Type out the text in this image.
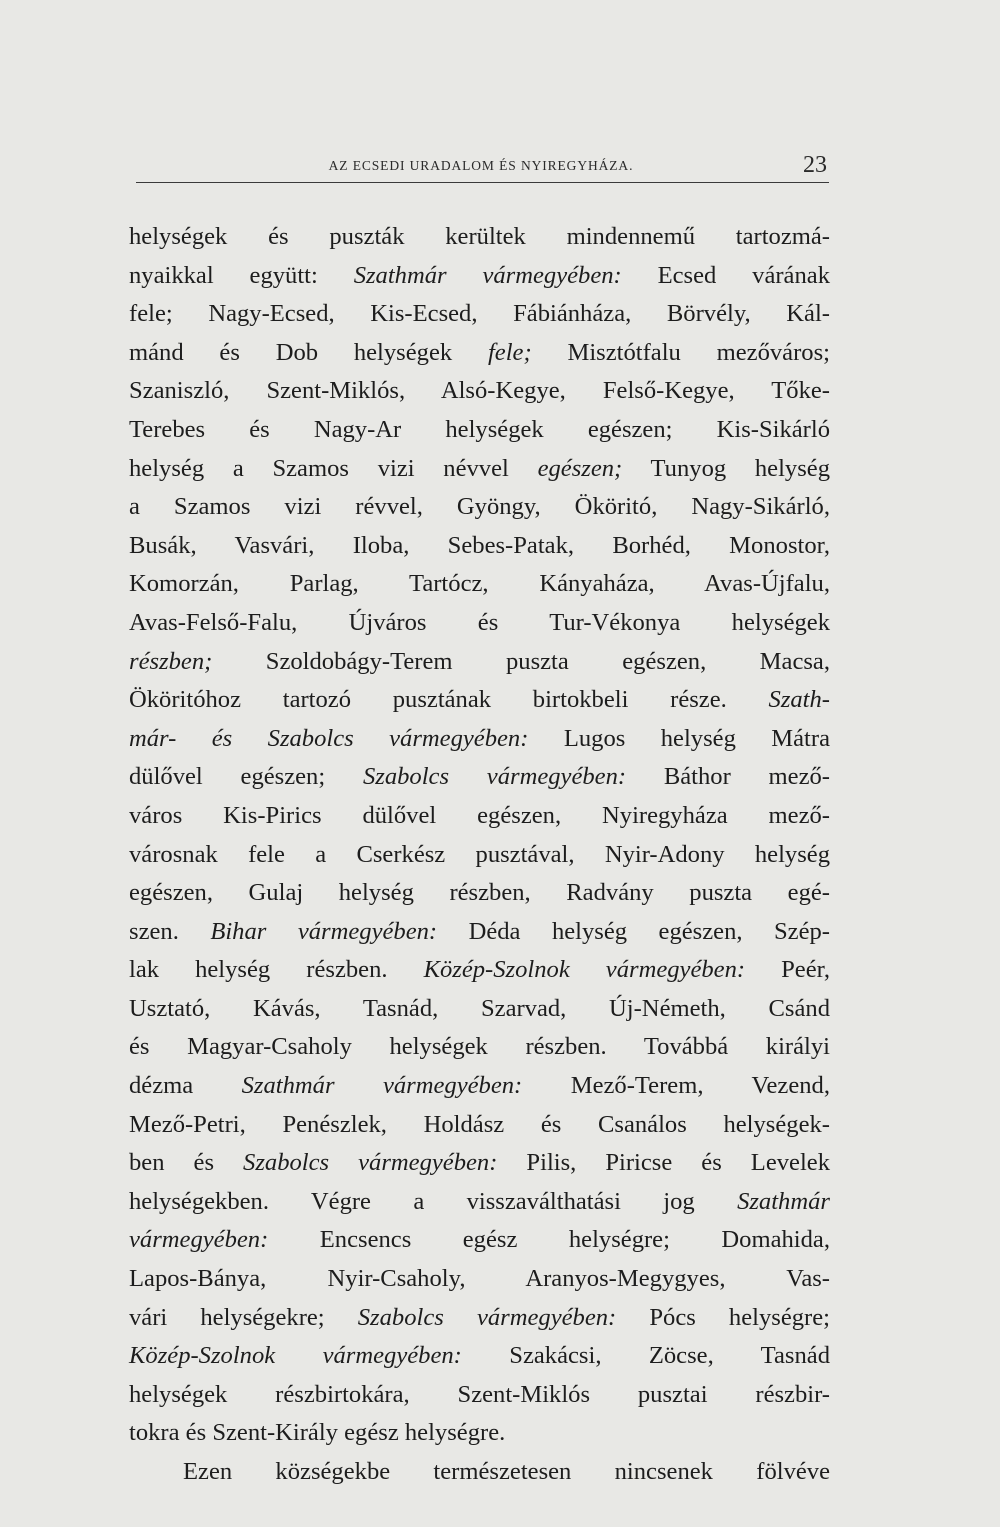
AZ ECSEDI URADALOM ÉS NYIREGYHÁZA.	23
helységek és puszták kerültek mindennemű tartozmá-
nyaikkal együtt: Szathmár vármegyében: Ecsed várának
fele; Nagy-Ecsed, Kis-Ecsed, Fábiánháza, Börvély, Kál-
mánd és Dob helységek fele; Misztótfalu mezőváros;
Szaniszló, Szent-Miklós, Alsó-Kegye, Felső-Kegye, Tőke-
Terebes és Nagy-Ar helységek egészen; Kis-Sikárló
helység a Szamos vizi névvel egészen; Tunyog helység
a Szamos vizi révvel, Gyöngy, Ököritó, Nagy-Sikárló,
Busák, Vasvári, Iloba, Sebes-Patak, Borhéd, Monostor,
Komorzán, Parlag, Tartócz, Kányaháza, Avas-Újfalu,
Avas-Felső-Falu, Újváros és Tur-Vékonya helységek
részben; Szoldobágy-Terem puszta egészen, Macsa,
Ököritóhoz tartozó pusztának birtokbeli része. Szath-
már- és Szabolcs vármegyében: Lugos helység Mátra
dülővel egészen; Szabolcs vármegyében: Báthor mező-
város Kis-Pirics dülővel egészen, Nyiregyháza mező-
városnak fele a Cserkész pusztával, Nyir-Adony helység
egészen, Gulaj helység részben, Radvány puszta egé-
szen. Bihar vármegyében: Déda helység egészen, Szép-
lak helység részben. Közép-Szolnok vármegyében: Peér,
Usztató, Kávás, Tasnád, Szarvad, Új-Németh, Csánd
és Magyar-Csaholy helységek részben. Továbbá királyi
dézma Szathmár vármegyében: Mező-Terem, Vezend,
Mező-Petri, Penészlek, Holdász és Csanálos helységek-
ben és Szabolcs vármegyében: Pilis, Piricse és Levelek
helységekben. Végre a visszaválthatási jog Szathmár
vármegyében: Encsencs egész helységre; Domahida,
Lapos-Bánya, Nyir-Csaholy, Aranyos-Megygyes, Vas-
vári helységekre; Szabolcs vármegyében: Pócs helységre;
Közép-Szolnok vármegyében: Szakácsi, Zöcse, Tasnád
helységek részbirtokára, Szent-Miklós pusztai részbir-
tokra és Szent-Király egész helységre.
Ezen községekbe természetesen nincsenek fölvéve
